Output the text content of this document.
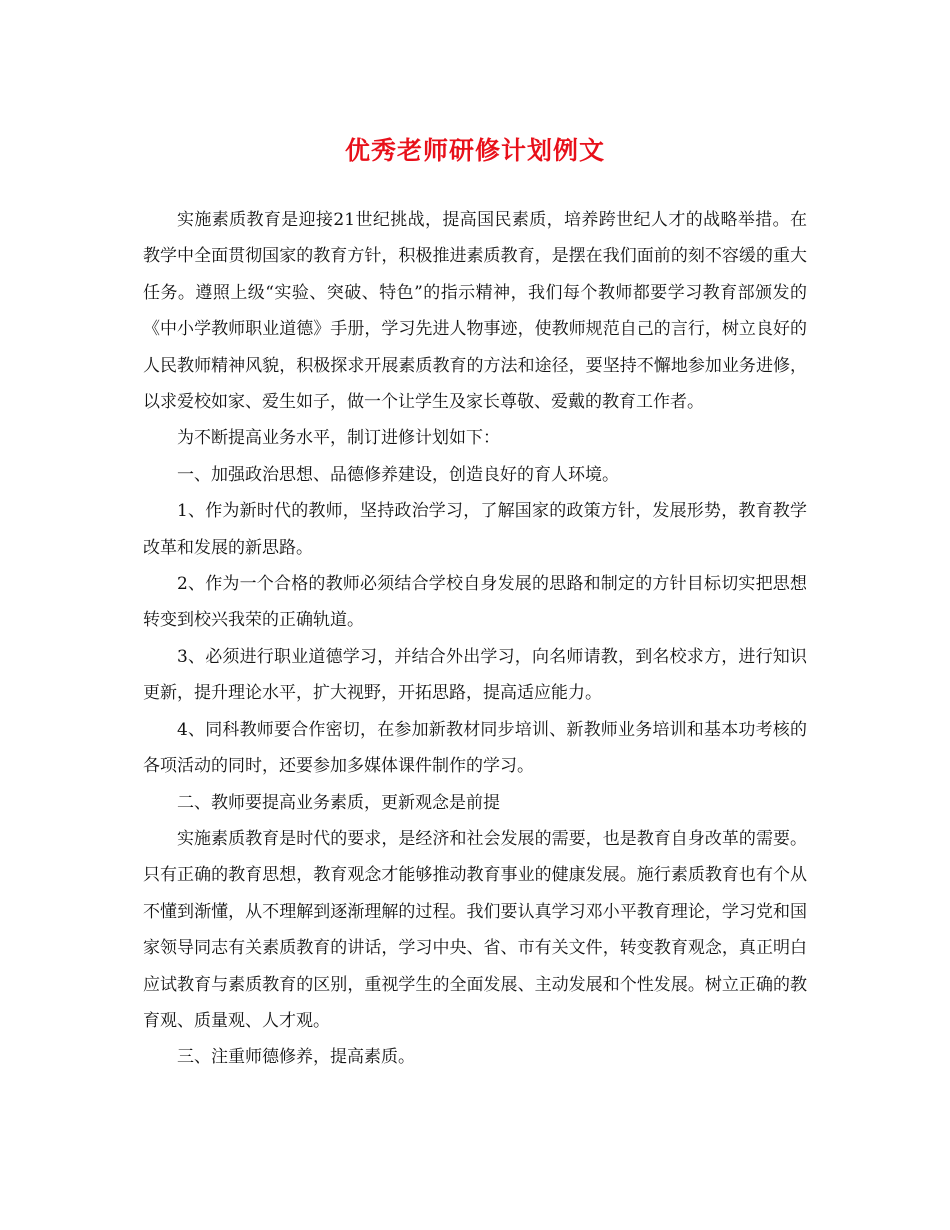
优秀老师研修计划例文

实施素质教育是迎接21世纪挑战，提高国民素质，培养跨世纪人才的战略举措。在教学中全面贯彻国家的教育方针，积极推进素质教育，是摆在我们面前的刻不容缓的重大任务。遵照上级“实验、突破、特色”的指示精神，我们每个教师都要学习教育部颁发的《中小学教师职业道德》手册，学习先进人物事迹，使教师规范自己的言行，树立良好的人民教师精神风貌，积极探求开展素质教育的方法和途径，要坚持不懈地参加业务进修，以求爱校如家、爱生如子，做一个让学生及家长尊敬、爱戴的教育工作者。

为不断提高业务水平，制订进修计划如下：

一、加强政治思想、品德修养建设，创造良好的育人环境。

1、作为新时代的教师，坚持政治学习，了解国家的政策方针，发展形势，教育教学改革和发展的新思路。

2、作为一个合格的教师必须结合学校自身发展的思路和制定的方针目标切实把思想转变到校兴我荣的正确轨道。

3、必须进行职业道德学习，并结合外出学习，向名师请教，到名校求方，进行知识更新，提升理论水平，扩大视野，开拓思路，提高适应能力。

4、同科教师要合作密切，在参加新教材同步培训、新教师业务培训和基本功考核的各项活动的同时，还要参加多媒体课件制作的学习。

二、教师要提高业务素质，更新观念是前提

实施素质教育是时代的要求，是经济和社会发展的需要，也是教育自身改革的需要。只有正确的教育思想，教育观念才能够推动教育事业的健康发展。施行素质教育也有个从不懂到渐懂，从不理解到逐渐理解的过程。我们要认真学习邓小平教育理论，学习党和国家领导同志有关素质教育的讲话，学习中央、省、市有关文件，转变教育观念，真正明白应试教育与素质教育的区别，重视学生的全面发展、主动发展和个性发展。树立正确的教育观、质量观、人才观。

三、注重师德修养，提高素质。
